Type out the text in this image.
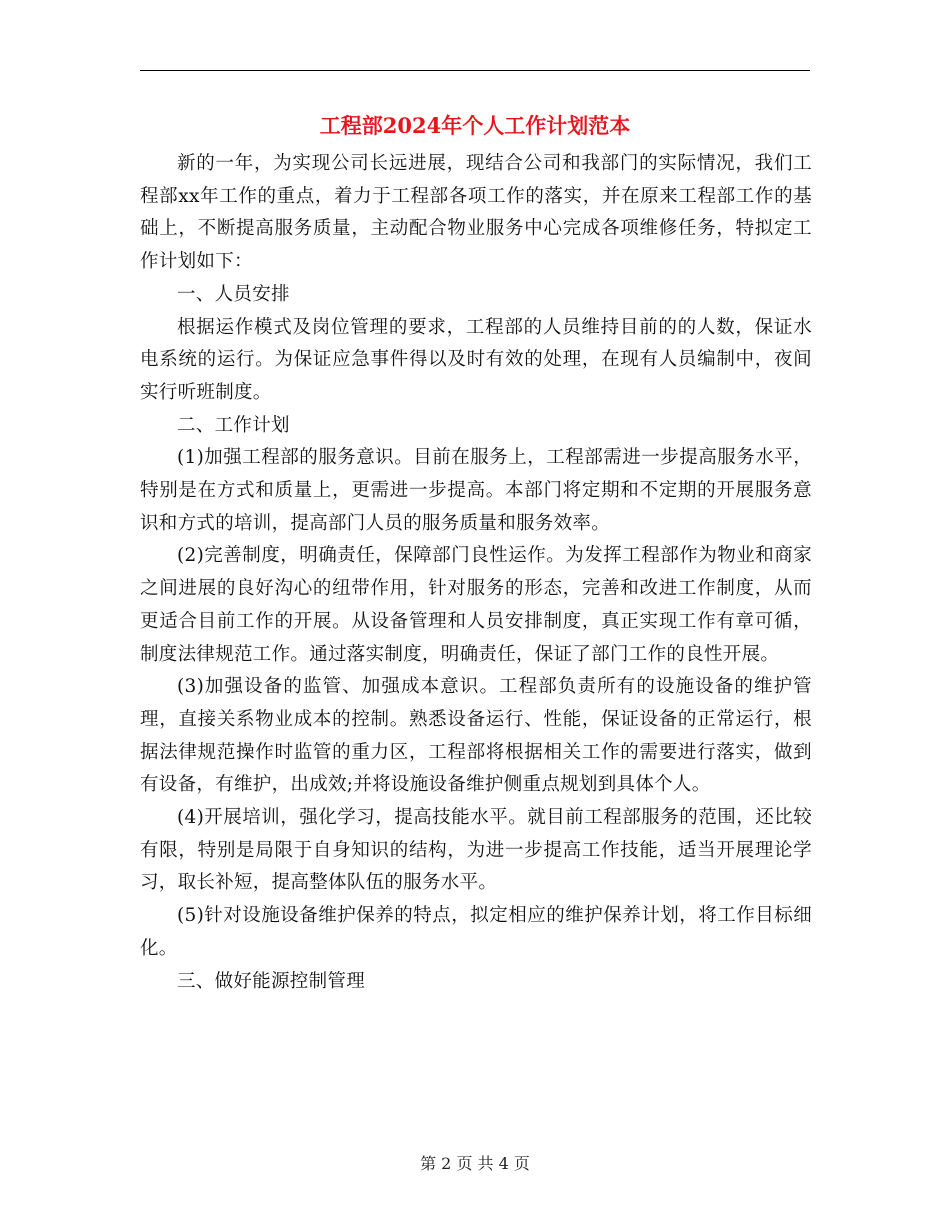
工程部2024年个人工作计划范本

新的一年，为实现公司长远进展，现结合公司和我部门的实际情况，我们工程部xx年工作的重点，着力于工程部各项工作的落实，并在原来工程部工作的基础上，不断提高服务质量，主动配合物业服务中心完成各项维修任务，特拟定工作计划如下：

一、人员安排

根据运作模式及岗位管理的要求，工程部的人员维持目前的的人数，保证水电系统的运行。为保证应急事件得以及时有效的处理，在现有人员编制中，夜间实行听班制度。

二、工作计划

(1)加强工程部的服务意识。目前在服务上，工程部需进一步提高服务水平，特别是在方式和质量上，更需进一步提高。本部门将定期和不定期的开展服务意识和方式的培训，提高部门人员的服务质量和服务效率。

(2)完善制度，明确责任，保障部门良性运作。为发挥工程部作为物业和商家之间进展的良好沟心的纽带作用，针对服务的形态，完善和改进工作制度，从而更适合目前工作的开展。从设备管理和人员安排制度，真正实现工作有章可循，制度法律规范工作。通过落实制度，明确责任，保证了部门工作的良性开展。

(3)加强设备的监管、加强成本意识。工程部负责所有的设施设备的维护管理，直接关系物业成本的控制。熟悉设备运行、性能，保证设备的正常运行，根据法律规范操作时监管的重力区，工程部将根据相关工作的需要进行落实，做到有设备，有维护，出成效;并将设施设备维护侧重点规划到具体个人。

(4)开展培训，强化学习，提高技能水平。就目前工程部服务的范围，还比较有限，特别是局限于自身知识的结构，为进一步提高工作技能，适当开展理论学习，取长补短，提高整体队伍的服务水平。

(5)针对设施设备维护保养的特点，拟定相应的维护保养计划，将工作目标细化。

三、做好能源控制管理

第 2 页 共 4 页
